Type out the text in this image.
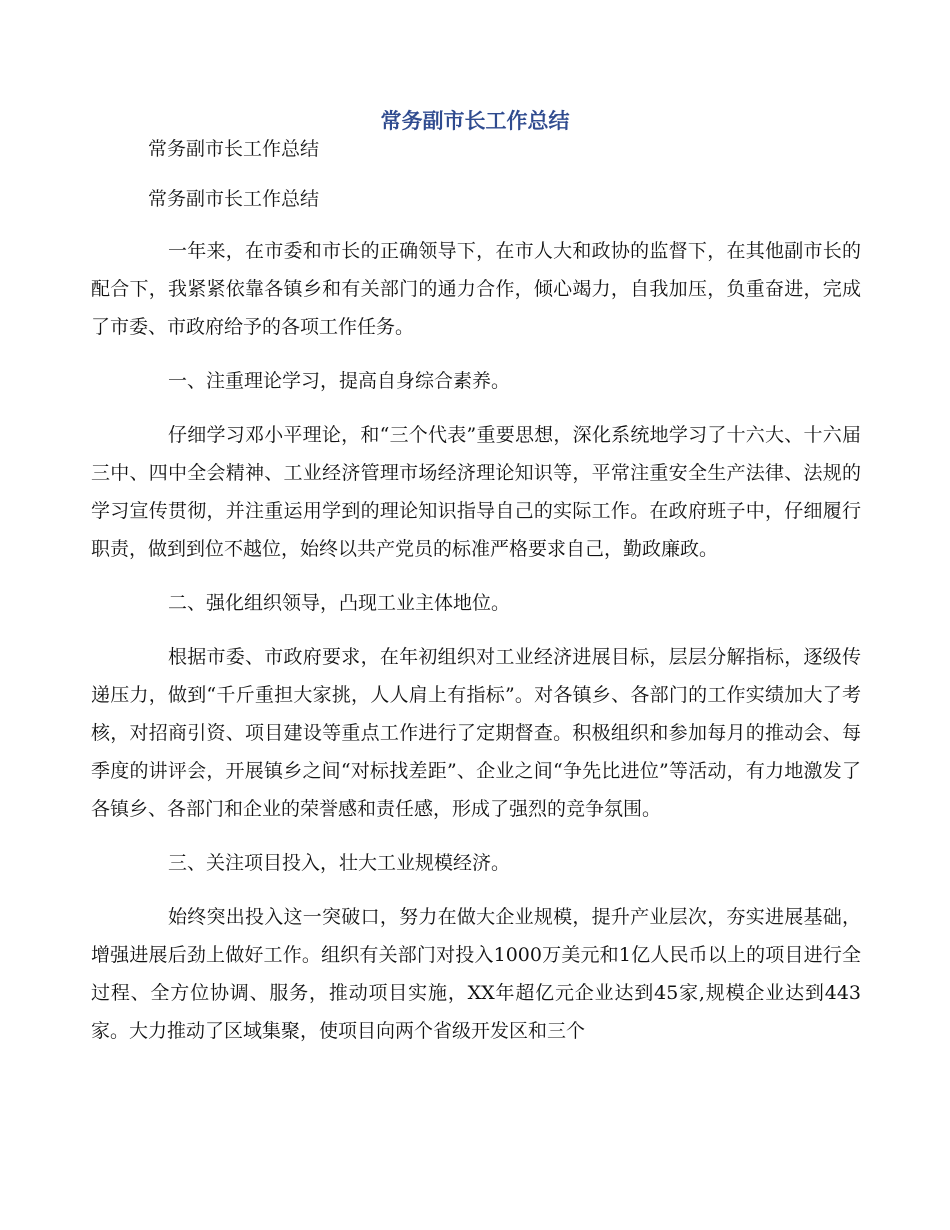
常务副市长工作总结

常务副市长工作总结

常务副市长工作总结

一年来，在市委和市长的正确领导下，在市人大和政协的监督下，在其他副市长的配合下，我紧紧依靠各镇乡和有关部门的通力合作，倾心竭力，自我加压，负重奋进，完成了市委、市政府给予的各项工作任务。

一、注重理论学习，提高自身综合素养。

仔细学习邓小平理论，和“三个代表”重要思想，深化系统地学习了十六大、十六届三中、四中全会精神、工业经济管理市场经济理论知识等，平常注重安全生产法律、法规的学习宣传贯彻，并注重运用学到的理论知识指导自己的实际工作。在政府班子中，仔细履行职责，做到到位不越位，始终以共产党员的标准严格要求自己，勤政廉政。

二、强化组织领导，凸现工业主体地位。

根据市委、市政府要求，在年初组织对工业经济进展目标，层层分解指标，逐级传递压力，做到“千斤重担大家挑，人人肩上有指标”。对各镇乡、各部门的工作实绩加大了考核，对招商引资、项目建设等重点工作进行了定期督查。积极组织和参加每月的推动会、每季度的讲评会，开展镇乡之间“对标找差距”、企业之间“争先比进位”等活动，有力地激发了各镇乡、各部门和企业的荣誉感和责任感，形成了强烈的竞争氛围。

三、关注项目投入，壮大工业规模经济。

始终突出投入这一突破口，努力在做大企业规模，提升产业层次，夯实进展基础，增强进展后劲上做好工作。组织有关部门对投入1000万美元和1亿人民币以上的项目进行全过程、全方位协调、服务，推动项目实施，XX年超亿元企业达到45家,规模企业达到443家。大力推动了区域集聚，使项目向两个省级开发区和三个
